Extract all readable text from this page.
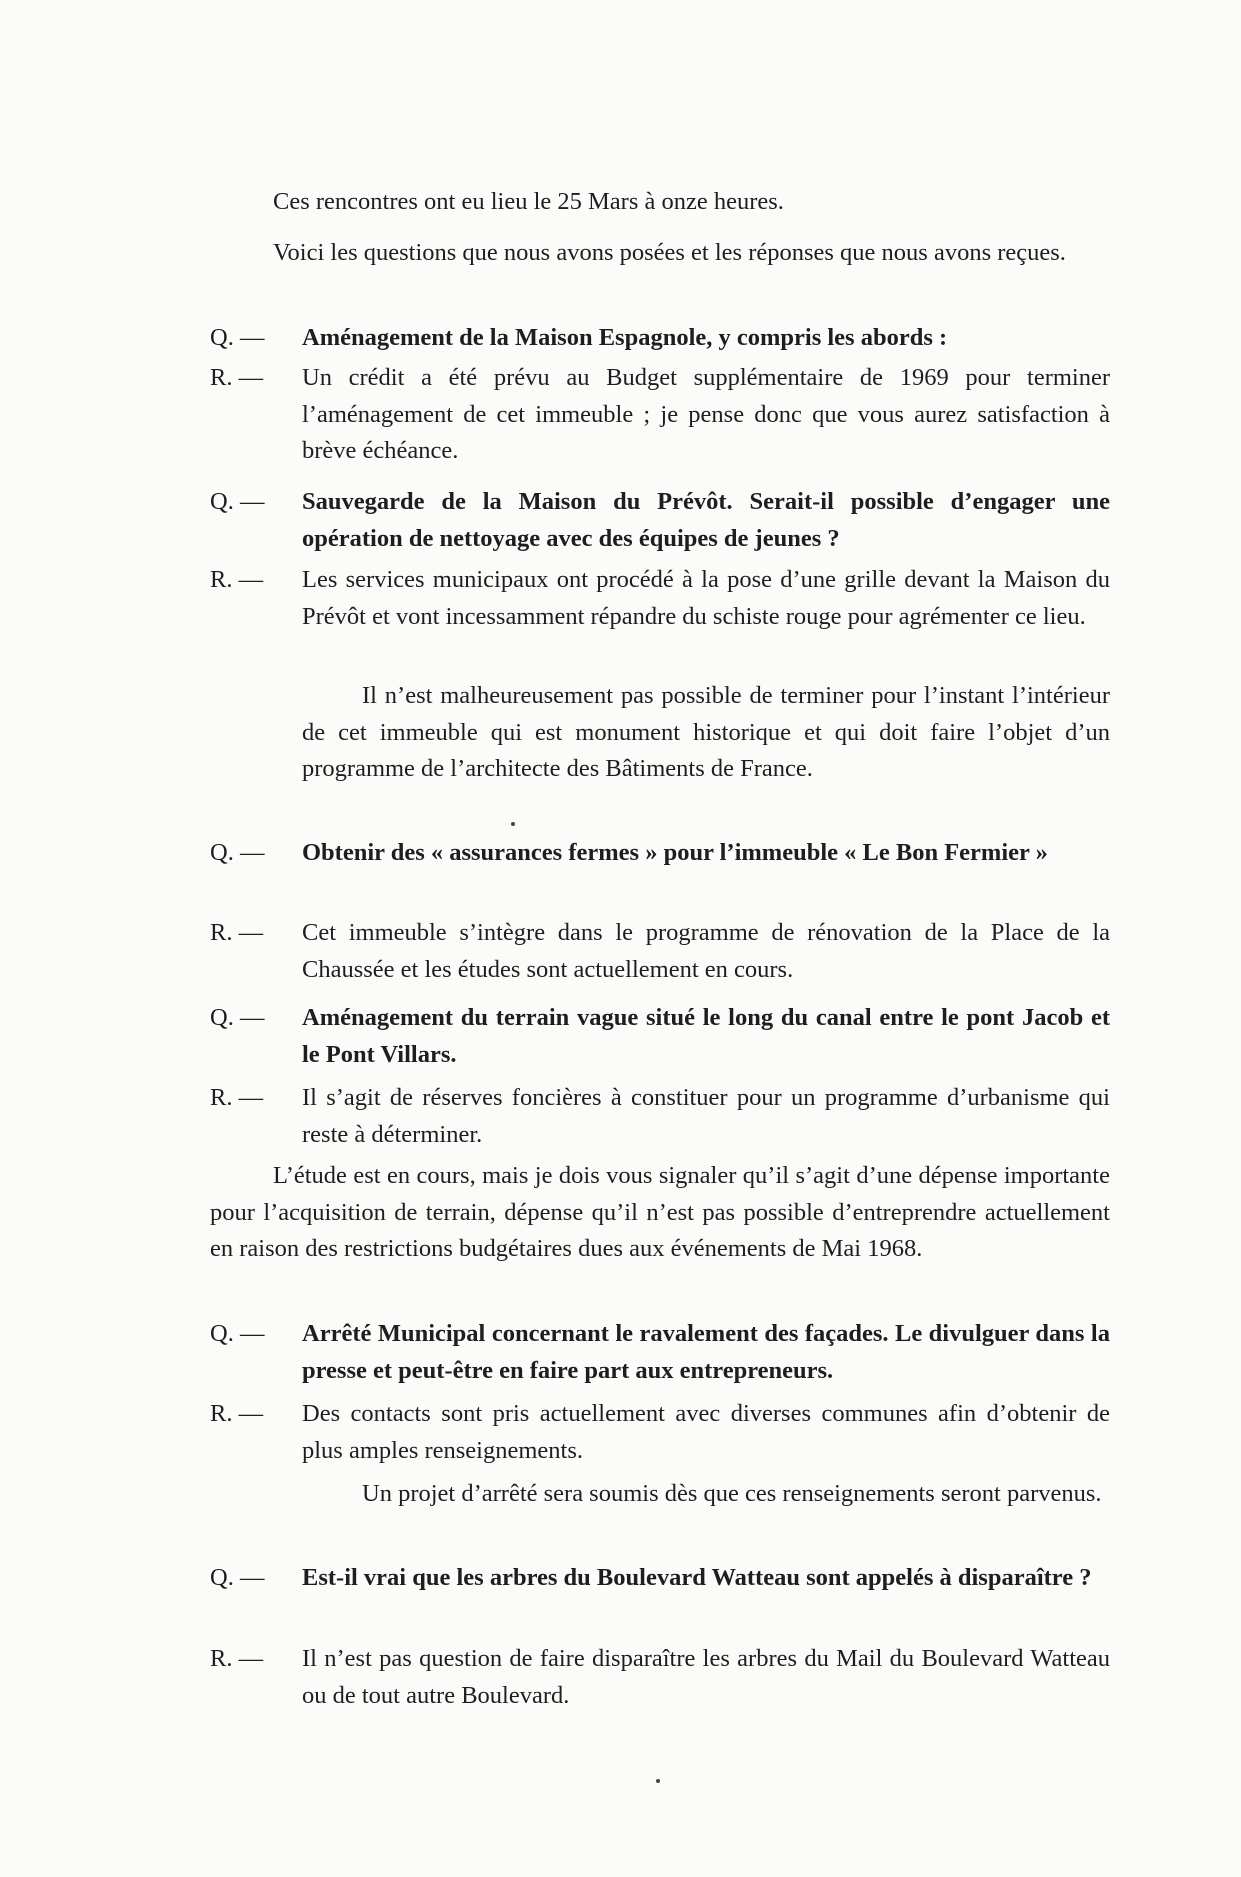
Ces rencontres ont eu lieu le 25 Mars à onze heures.

Voici les questions que nous avons posées et les réponses que nous avons reçues.

Q. —	Aménagement de la Maison Espagnole, y compris les abords :
R. —	Un crédit a été prévu au Budget supplémentaire de 1969 pour terminer l’aménagement de cet immeuble ; je pense donc que vous aurez satisfaction à brève échéance.
Q. —	Sauvegarde de la Maison du Prévôt. Serait-il possible d’engager une opération de nettoyage avec des équipes de jeunes ?
R. —	Les services municipaux ont procédé à la pose d’une grille devant la Maison du Prévôt et vont incessamment répandre du schiste rouge pour agrémenter ce lieu.

Il n’est malheureusement pas possible de terminer pour l’instant l’intérieur de cet immeuble qui est monument historique et qui doit faire l’objet d’un programme de l’architecte des Bâtiments de France.

Q. —	Obtenir des « assurances fermes » pour l’immeuble « Le Bon Fermier »
R. —	Cet immeuble s’intègre dans le programme de rénovation de la Place de la Chaussée et les études sont actuellement en cours.
Q. —	Aménagement du terrain vague situé le long du canal entre le pont Jacob et le Pont Villars.
R. —	Il s’agit de réserves foncières à constituer pour un programme d’urbanisme qui reste à déterminer.

L’étude est en cours, mais je dois vous signaler qu’il s’agit d’une dépense importante pour l’acquisition de terrain, dépense qu’il n’est pas possible d’entreprendre actuellement en raison des restrictions budgétaires dues aux événements de Mai 1968.

Q. —	Arrêté Municipal concernant le ravalement des façades. Le divulguer dans la presse et peut-être en faire part aux entrepreneurs.
R. —	Des contacts sont pris actuellement avec diverses communes afin d’obtenir de plus amples renseignements.

Un projet d’arrêté sera soumis dès que ces renseignements seront parvenus.

Q. —	Est-il vrai que les arbres du Boulevard Watteau sont appelés à disparaître ?
R. —	Il n’est pas question de faire disparaître les arbres du Mail du Boulevard Watteau ou de tout autre Boulevard.
